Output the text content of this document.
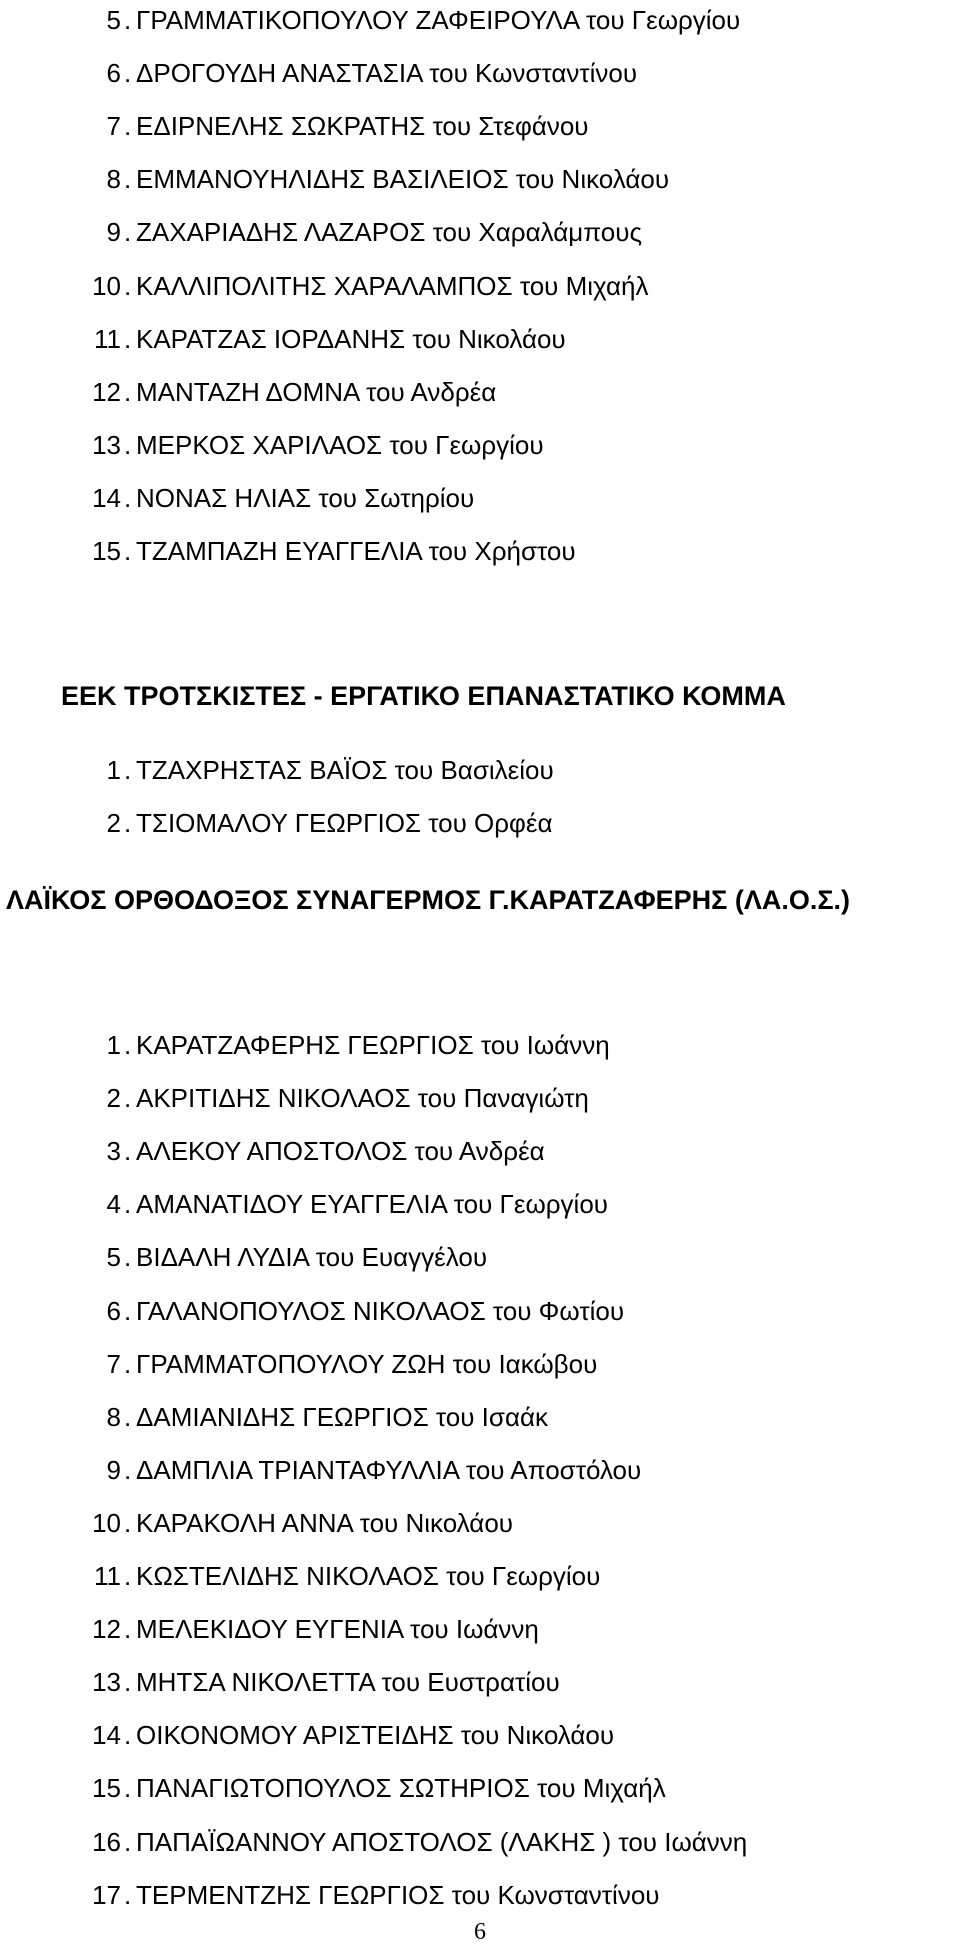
5 . ΓΡΑΜΜΑΤΙΚΟΠΟΥΛΟΥ ΖΑΦΕΙΡΟΥΛΑ του Γεωργίου
6 . ΔΡΟΓΟΥΔΗ ΑΝΑΣΤΑΣΙΑ του Κωνσταντίνου
7 . ΕΔΙΡΝΕΛΗΣ ΣΩΚΡΑΤΗΣ του Στεφάνου
8 . ΕΜΜΑΝΟΥΗΛΙΔΗΣ ΒΑΣΙΛΕΙΟΣ του Νικολάου
9 . ΖΑΧΑΡΙΑΔΗΣ ΛΑΖΑΡΟΣ του Χαραλάμπους
10 . ΚΑΛΛΙΠΟΛΙΤΗΣ ΧΑΡΑΛΑΜΠΟΣ του Μιχαήλ
11 . ΚΑΡΑΤΖΑΣ ΙΟΡΔΑΝΗΣ του Νικολάου
12 . ΜΑΝΤΑΖΗ ΔΟΜΝΑ του Ανδρέα
13 . ΜΕΡΚΟΣ ΧΑΡΙΛΑΟΣ του Γεωργίου
14 . ΝΟΝΑΣ ΗΛΙΑΣ του Σωτηρίου
15 . ΤΖΑΜΠΑΖΗ ΕΥΑΓΓΕΛΙΑ του Χρήστου
ΕΕΚ ΤΡΟΤΣΚΙΣΤΕΣ - ΕΡΓΑΤΙΚΟ ΕΠΑΝΑΣΤΑΤΙΚΟ ΚΟΜΜΑ
1 . ΤΖΑΧΡΗΣΤΑΣ ΒΑΪΟΣ του Βασιλείου
2 . ΤΣΙΟΜΑΛΟΥ ΓΕΩΡΓΙΟΣ του Ορφέα
ΛΑΪΚΟΣ ΟΡΘΟΔΟΞΟΣ ΣΥΝΑΓΕΡΜΟΣ Γ.ΚΑΡΑΤΖΑΦΕΡΗΣ (ΛΑ.Ο.Σ.)
1 . ΚΑΡΑΤΖΑΦΕΡΗΣ ΓΕΩΡΓΙΟΣ του Ιωάννη
2 . ΑΚΡΙΤΙΔΗΣ ΝΙΚΟΛΑΟΣ του Παναγιώτη
3 . ΑΛΕΚΟΥ ΑΠΟΣΤΟΛΟΣ του Ανδρέα
4 . ΑΜΑΝΑΤΙΔΟΥ ΕΥΑΓΓΕΛΙΑ του Γεωργίου
5 . ΒΙΔΑΛΗ ΛΥΔΙΑ του Ευαγγέλου
6 . ΓΑΛΑΝΟΠΟΥΛΟΣ ΝΙΚΟΛΑΟΣ του Φωτίου
7 . ΓΡΑΜΜΑΤΟΠΟΥΛΟΥ ΖΩΗ του Ιακώβου
8 . ΔΑΜΙΑΝΙΔΗΣ ΓΕΩΡΓΙΟΣ του Ισαάκ
9 . ΔΑΜΠΛΙΑ ΤΡΙΑΝΤΑΦΥΛΛΙΑ του Αποστόλου
10 . ΚΑΡΑΚΟΛΗ ΑΝΝΑ του Νικολάου
11 . ΚΩΣΤΕΛΙΔΗΣ ΝΙΚΟΛΑΟΣ του Γεωργίου
12 . ΜΕΛΕΚΙΔΟΥ ΕΥΓΕΝΙΑ του Ιωάννη
13 . ΜΗΤΣΑ ΝΙΚΟΛΕΤΤΑ του Ευστρατίου
14 . ΟΙΚΟΝΟΜΟΥ ΑΡΙΣΤΕΙΔΗΣ του Νικολάου
15 . ΠΑΝΑΓΙΩΤΟΠΟΥΛΟΣ ΣΩΤΗΡΙΟΣ του Μιχαήλ
16 . ΠΑΠΑΪΩΑΝΝΟΥ ΑΠΟΣΤΟΛΟΣ (ΛΑΚΗΣ ) του Ιωάννη
17 . ΤΕΡΜΕΝΤΖΗΣ ΓΕΩΡΓΙΟΣ του Κωνσταντίνου
6
